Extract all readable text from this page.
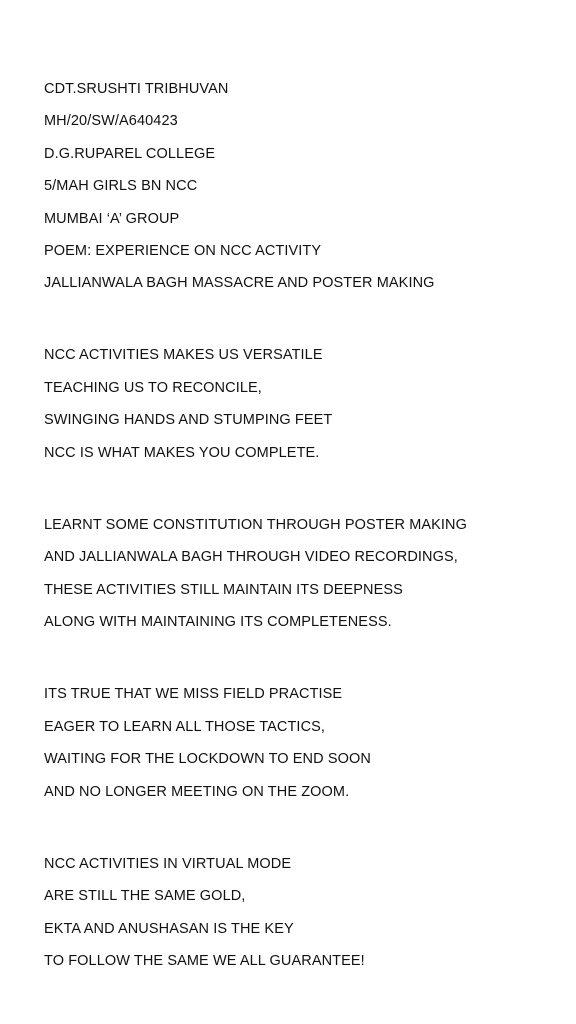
CDT.SRUSHTI TRIBHUVAN
MH/20/SW/A640423
D.G.RUPAREL COLLEGE
5/MAH GIRLS BN NCC
MUMBAI ‘A’ GROUP
POEM: EXPERIENCE ON NCC ACTIVITY
JALLIANWALA BAGH MASSACRE AND POSTER MAKING
NCC ACTIVITIES MAKES US VERSATILE
TEACHING US TO RECONCILE,
SWINGING HANDS AND STUMPING FEET
NCC IS WHAT MAKES YOU COMPLETE.
LEARNT SOME CONSTITUTION THROUGH POSTER MAKING
AND JALLIANWALA BAGH THROUGH VIDEO RECORDINGS,
THESE ACTIVITIES STILL MAINTAIN ITS DEEPNESS
ALONG WITH MAINTAINING ITS COMPLETENESS.
ITS TRUE THAT WE MISS FIELD PRACTISE
EAGER TO LEARN ALL THOSE TACTICS,
WAITING FOR THE LOCKDOWN TO END SOON
AND NO LONGER MEETING ON THE ZOOM.
NCC ACTIVITIES IN VIRTUAL MODE
ARE STILL THE SAME GOLD,
EKTA AND ANUSHASAN IS THE KEY
TO FOLLOW THE SAME WE ALL GUARANTEE!
